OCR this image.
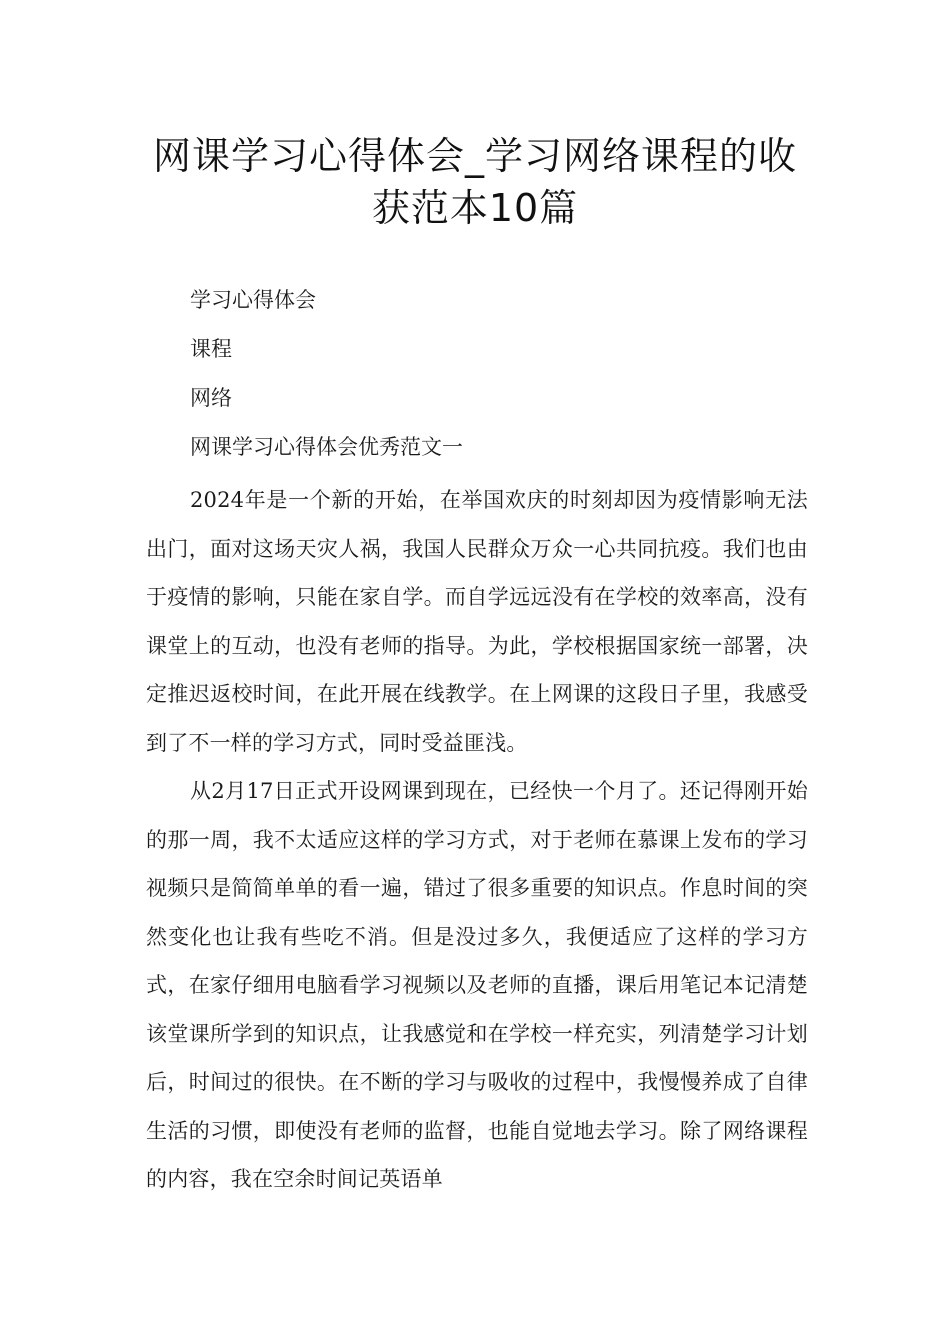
网课学习心得体会_学习网络课程的收
获范本10篇
学习心得体会
课程
网络
网课学习心得体会优秀范文一

2024年是一个新的开始，在举国欢庆的时刻却因为疫情影响无法出门，面对这场天灾人祸，我国人民群众万众一心共同抗疫。我们也由于疫情的影响，只能在家自学。而自学远远没有在学校的效率高，没有课堂上的互动，也没有老师的指导。为此，学校根据国家统一部署，决定推迟返校时间，在此开展在线教学。在上网课的这段日子里，我感受到了不一样的学习方式，同时受益匪浅。

从2月17日正式开设网课到现在，已经快一个月了。还记得刚开始的那一周，我不太适应这样的学习方式，对于老师在慕课上发布的学习视频只是简简单单的看一遍，错过了很多重要的知识点。作息时间的突然变化也让我有些吃不消。但是没过多久，我便适应了这样的学习方式，在家仔细用电脑看学习视频以及老师的直播，课后用笔记本记清楚该堂课所学到的知识点，让我感觉和在学校一样充实，列清楚学习计划后，时间过的很快。在不断的学习与吸收的过程中，我慢慢养成了自律生活的习惯，即使没有老师的监督，也能自觉地去学习。除了网络课程的内容，我在空余时间记英语单
